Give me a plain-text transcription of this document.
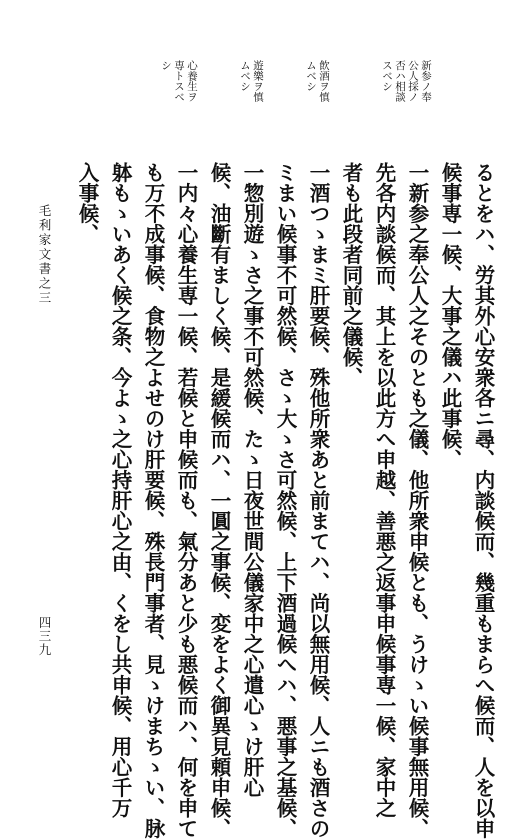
新参ノ奉
公人採ノ
否ハ相談
スベシ
飲酒ヲ慎
ムベシ
遊樂ヲ慎
ムベシ
心養生ヲ
専トスベ
シ
るとをハ、労其外心安衆各ニ尋、内談候而、幾重もまらへ候而、人を以申
候事専一候、大事之儀ハ此事候、
一新参之奉公人之そのとも之儀、他所衆申候とも、うけゝい候事無用候、
先各内談候而、其上を以此方へ申越、善悪之返事申候事専一候、家中之
者も此段者同前之儀候、
一酒つゝまミ肝要候、殊他所衆あと前まてハ、尚以無用候、人ニも酒さの
ミまい候事不可然候、さゝ大ゝさ可然候、上下酒過候へハ、悪事之基候、
一惣別遊ゝさ之事不可然候、たゝ日夜世間公儀家中之心遣心ゝけ肝心
候、油斷有ましく候、是緩候而ハ、一圓之事候、変をよく御異見頼申候、
一内々心養生専一候、若候と申候而も、氣分あと少も悪候而ハ、何を申て
も万不成事候、食物之よせのけ肝要候、殊長門事者、見ゝけまちゝい、脉
躰もゝいあく候之条、今よゝ之心持肝心之由、くをし共申候、用心千万
入事候、
毛利家文書之三
四三九
